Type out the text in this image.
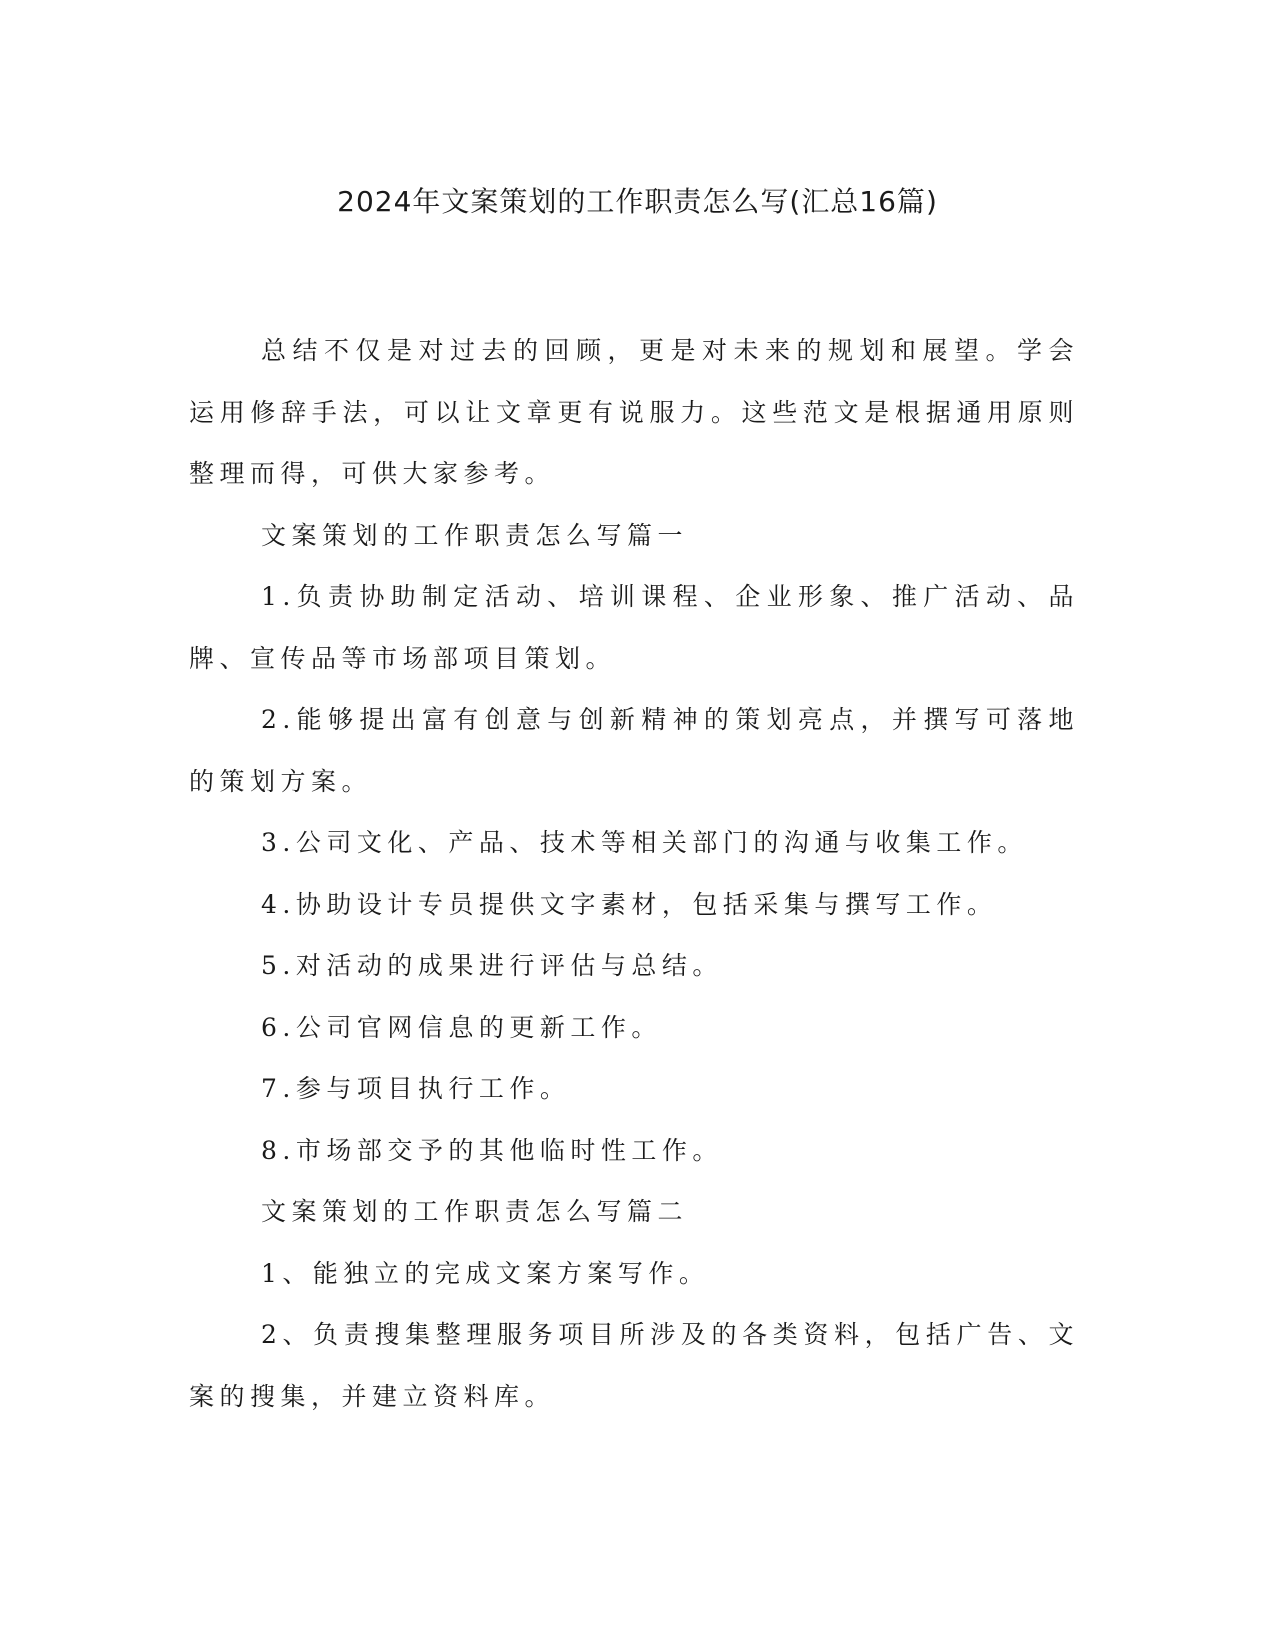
2024年文案策划的工作职责怎么写(汇总16篇)

总结不仅是对过去的回顾，更是对未来的规划和展望。学会运用修辞手法，可以让文章更有说服力。这些范文是根据通用原则整理而得，可供大家参考。

文案策划的工作职责怎么写篇一

1.负责协助制定活动、培训课程、企业形象、推广活动、品牌、宣传品等市场部项目策划。

2.能够提出富有创意与创新精神的策划亮点，并撰写可落地的策划方案。

3.公司文化、产品、技术等相关部门的沟通与收集工作。

4.协助设计专员提供文字素材，包括采集与撰写工作。

5.对活动的成果进行评估与总结。

6.公司官网信息的更新工作。

7.参与项目执行工作。

8.市场部交予的其他临时性工作。

文案策划的工作职责怎么写篇二

1、能独立的完成文案方案写作。

2、负责搜集整理服务项目所涉及的各类资料，包括广告、文案的搜集，并建立资料库。
